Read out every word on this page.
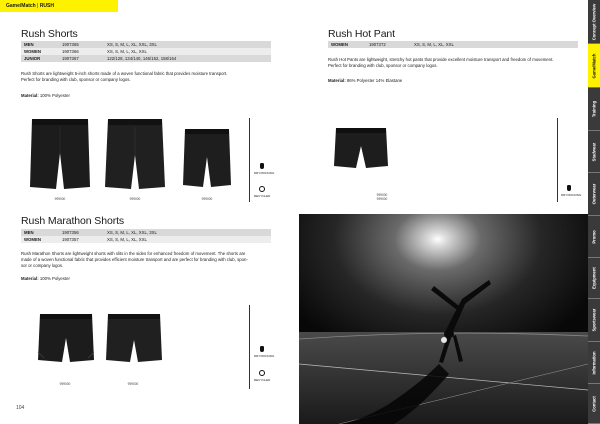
Game/Match | RUSH
Rush Shorts
MEN	1907365	XS, S, M, L, XL, XXL, 3XL
WOMEN	1907366	XS, S, M, L, XL, XXL
JUNIOR	1907367	122/128, 134/140, 146/152, 158/164
Rush Shorts are lightweight 5-inch shorts made of a woven functional fabric that provides moisture transport.
Perfect for branding with club, sponsor or company logos.
Material: 100% Polyester
999000	999000	999000
DRY/WICKING
RECYCLED
Rush Marathon Shorts
MEN	1907356	XS, S, M, L, XL, XXL, 3XL
WOMEN	1907357	XS, S, M, L, XL, XXL
Rush Marathon Shorts are lightweight shorts with slits in the sides for enhanced freedom of movement. The shorts are
made of a woven functional fabric that provides efficient moisture transport and are perfect for branding with club, spon-
sor or company logos.
Material: 100% Polyester
999000	999000
DRY/WICKING
RECYCLED
104
Rush Hot Pant
WOMEN	1907372	XS, S, M, L, XL, XXL
Rush Hot Pants are lightweight, stretchy hot pants that provide excellent moisture transport and freedom of movement.
Perfect for branding with club, sponsor or company logos.
Material: 86% Polyester 14% Elastane
999000
999000
DRY/WICKING
Concept Overview
Game/Match
Training
Stadwear
Outerwear
Promo
Equipment
Sportswear
Information
Contact
